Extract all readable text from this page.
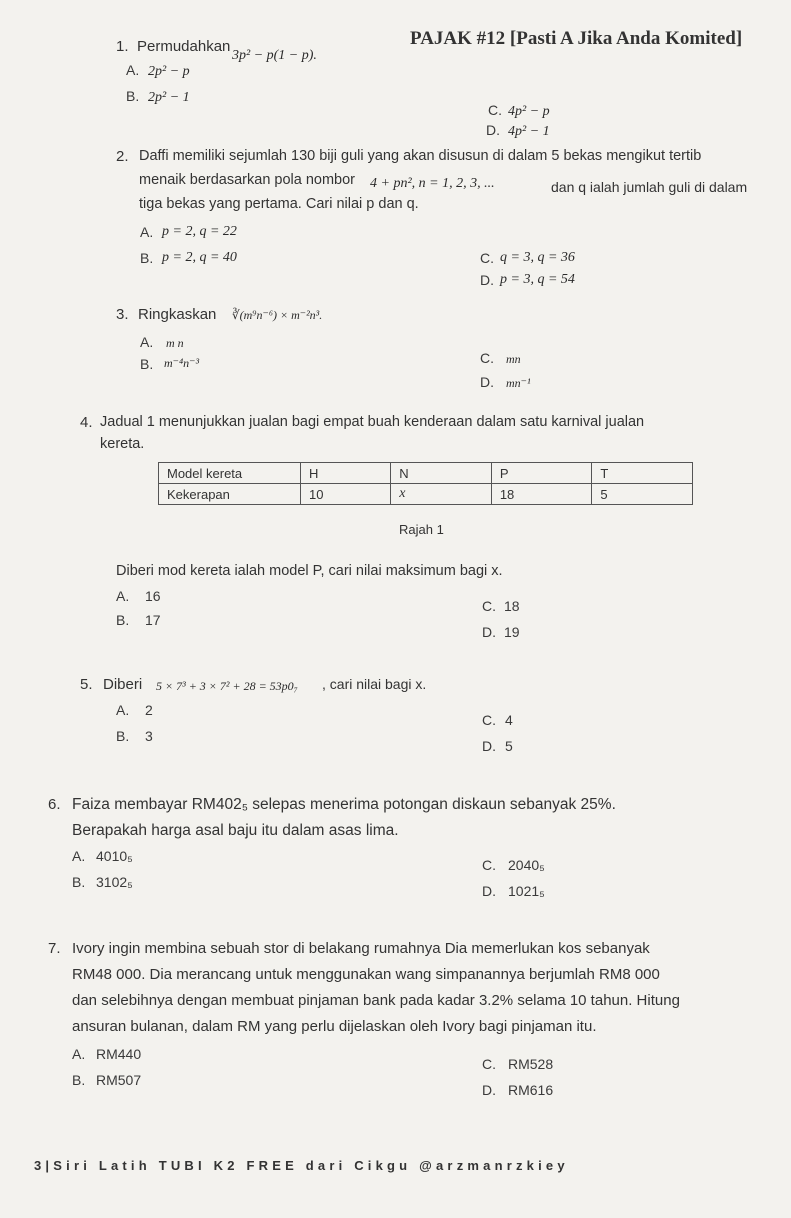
PAJAK #12 [Pasti A Jika Anda Komited]
1. Permudahkan
3p² − p(1 − p).
A. 2p² − p
B. 2p² − 1
C. 4p² − p
D. 4p² − 1
2. Daffi memiliki sejumlah 130 biji guli yang akan disusun di dalam 5 bekas mengikut tertib
menaik berdasarkan pola nombor 4 + pn², n = 1, 2, 3, ...	dan q ialah jumlah guli di dalam
tiga bekas yang pertama. Cari nilai p dan q.
A. p = 2, q = 22
B. p = 2, q = 40	C. q = 3, q = 36
D. p = 3, q = 54
3. Ringkaskan ∛(m⁹n⁻⁶) × m⁻²n³.
A. m n
B. m⁻⁴n⁻³	C. mn
D. mn⁻¹
4. Jadual 1 menunjukkan jualan bagi empat buah kenderaan dalam satu karnival jualan
kereta.
Model kereta	H	N	P	T
Kekerapan	10	x	18	5
Rajah 1
Diberi mod kereta ialah model P, cari nilai maksimum bagi x.
A. 16
B. 17
C. 18
D. 19
5. Diberi 5 × 7³ + 3 × 7² + 28 = 53p0₇ , cari nilai bagi x.
A. 2
B. 3
C. 4
D. 5
6. Faiza membayar RM402₅ selepas menerima potongan diskaun sebanyak 25%.
Berapakah harga asal baju itu dalam asas lima.
A. 4010₅
B. 3102₅
C. 2040₅
D. 1021₅
7. Ivory ingin membina sebuah stor di belakang rumahnya Dia memerlukan kos sebanyak
RM48 000. Dia merancang untuk menggunakan wang simpanannya berjumlah RM8 000
dan selebihnya dengan membuat pinjaman bank pada kadar 3.2% selama 10 tahun. Hitung
ansuran bulanan, dalam RM yang perlu dijelaskan oleh Ivory bagi pinjaman itu.
A. RM440
B. RM507
C. RM528
D. RM616
3|Siri Latih TUBI K2 FREE dari Cikgu @arzmanrzkiey
